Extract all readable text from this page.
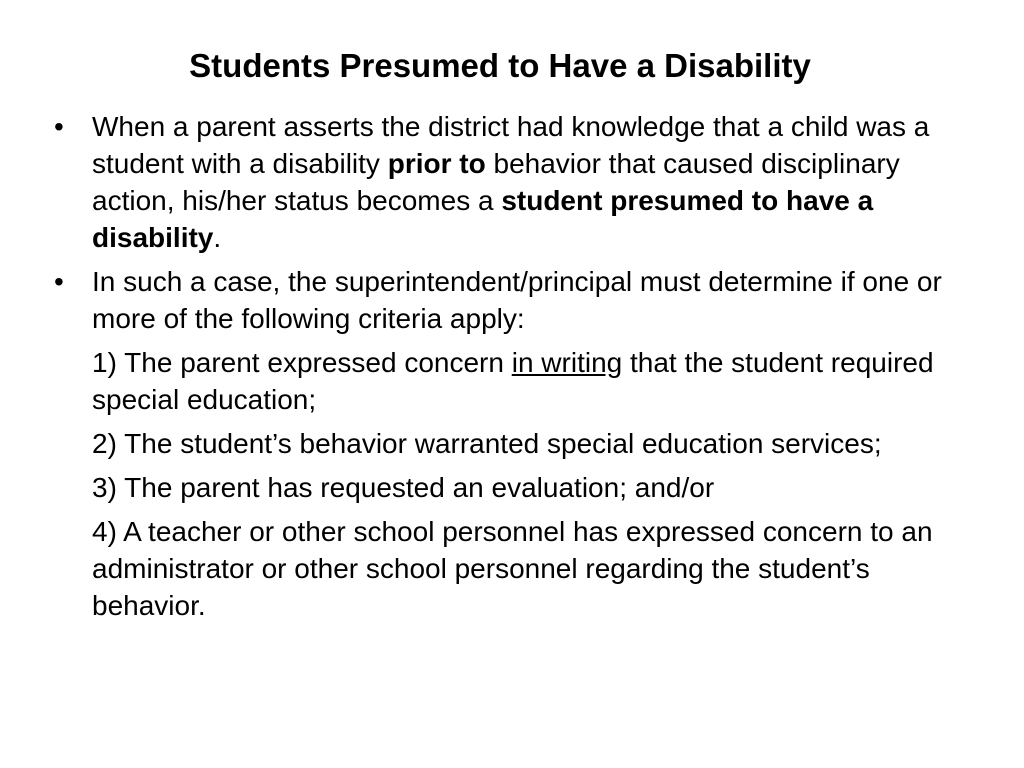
Students Presumed to Have a Disability

• When a parent asserts the district had knowledge that a child was a student with a disability prior to behavior that caused disciplinary action, his/her status becomes a student presumed to have a disability.

• In such a case, the superintendent/principal must determine if one or more of the following criteria apply:

1) The parent expressed concern in writing that the student required special education;

2) The student’s behavior warranted special education services;

3) The parent has requested an evaluation; and/or

4) A teacher or other school personnel has expressed concern to an administrator or other school personnel regarding the student’s behavior.
